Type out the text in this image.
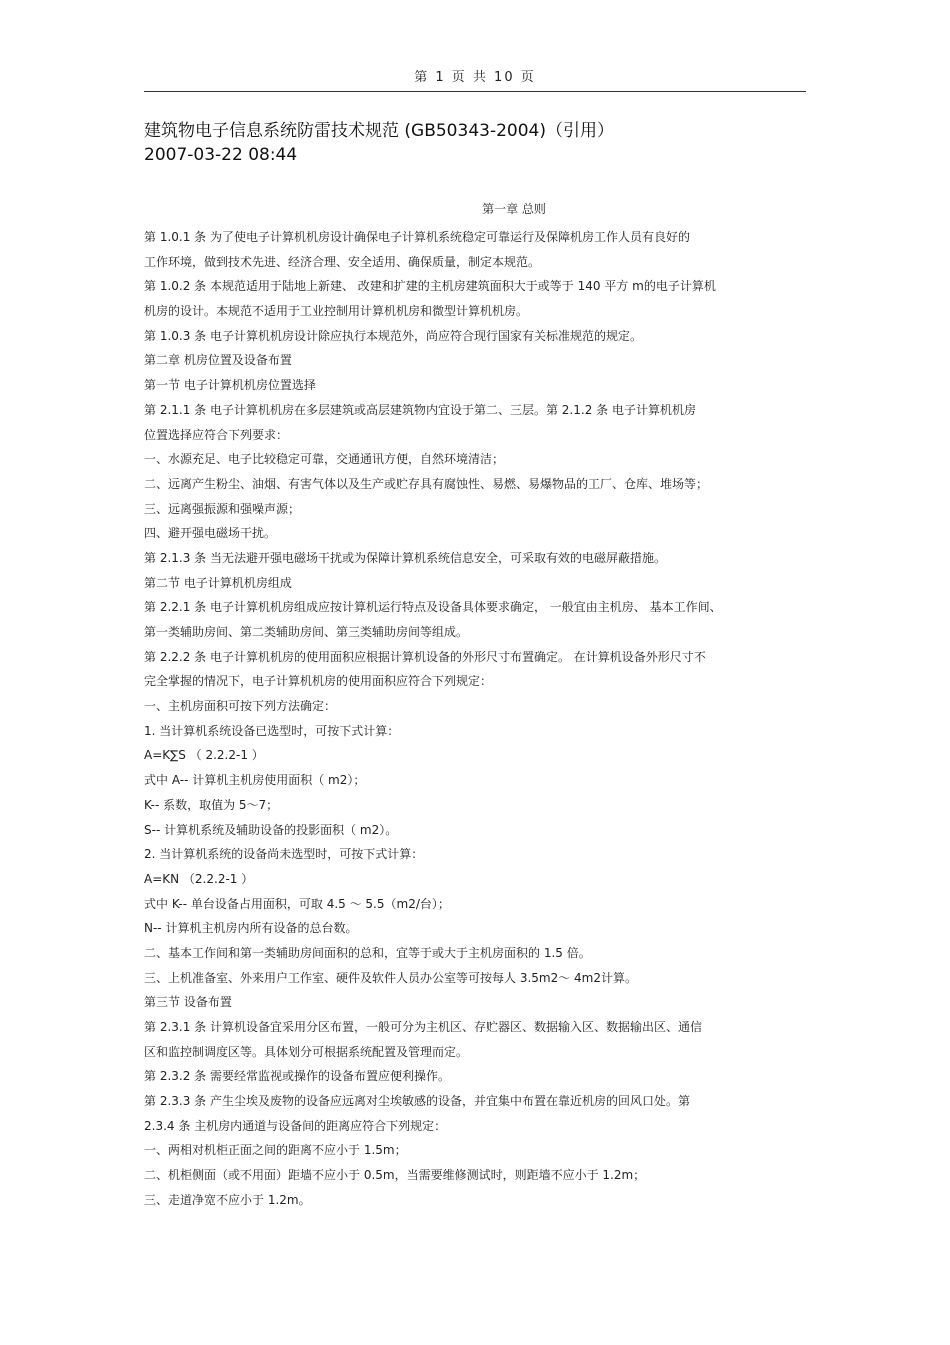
第 1 页 共 10 页
建筑物电子信息系统防雷技术规范 (GB50343-2004)（引用）
2007-03-22 08:44
第一章 总则
第 1.0.1 条 为了使电子计算机机房设计确保电子计算机系统稳定可靠运行及保障机房工作人员有良好的
工作环境，做到技术先进、经济合理、安全适用、确保质量，制定本规范。
第 1.0.2 条 本规范适用于陆地上新建、 改建和扩建的主机房建筑面积大于或等于 140 平方 m的电子计算机
机房的设计。本规范不适用于工业控制用计算机机房和微型计算机机房。
第 1.0.3 条 电子计算机机房设计除应执行本规范外，尚应符合现行国家有关标准规范的规定。
第二章 机房位置及设备布置
第一节 电子计算机机房位置选择
第 2.1.1 条 电子计算机机房在多层建筑或高层建筑物内宜设于第二、三层。第 2.1.2 条 电子计算机机房
位置选择应符合下列要求：
一、水源充足、电子比较稳定可靠，交通通讯方便，自然环境清洁；
二、远离产生粉尘、油烟、有害气体以及生产或贮存具有腐蚀性、易燃、易爆物品的工厂、仓库、堆场等；
三、远离强振源和强噪声源；
四、避开强电磁场干扰。
第 2.1.3 条 当无法避开强电磁场干扰或为保障计算机系统信息安全，可采取有效的电磁屏蔽措施。
第二节 电子计算机机房组成
第 2.2.1 条 电子计算机机房组成应按计算机运行特点及设备具体要求确定， 一般宜由主机房、 基本工作间、
第一类辅助房间、第二类辅助房间、第三类辅助房间等组成。
第 2.2.2 条 电子计算机机房的使用面积应根据计算机设备的外形尺寸布置确定。 在计算机设备外形尺寸不
完全掌握的情况下，电子计算机机房的使用面积应符合下列规定：
一、主机房面积可按下列方法确定：
1. 当计算机系统设备已选型时，可按下式计算：
A=K∑S （ 2.2.2-1 ）
式中 A-- 计算机主机房使用面积（ m2）；
K-- 系数，取值为 5～7；
S-- 计算机系统及辅助设备的投影面积（ m2）。
2. 当计算机系统的设备尚未选型时，可按下式计算：
A=KN （2.2.2-1 ）
式中 K-- 单台设备占用面积，可取 4.5 ～ 5.5（m2/台）；
N-- 计算机主机房内所有设备的总台数。
二、基本工作间和第一类辅助房间面积的总和，宜等于或大于主机房面积的 1.5 倍。
三、上机准备室、外来用户工作室、硬件及软件人员办公室等可按每人 3.5m2～ 4m2计算。
第三节 设备布置
第 2.3.1 条 计算机设备宜采用分区布置，一般可分为主机区、存贮器区、数据输入区、数据输出区、通信
区和监控制调度区等。具体划分可根据系统配置及管理而定。
第 2.3.2 条 需要经常监视或操作的设备布置应便利操作。
第 2.3.3 条 产生尘埃及废物的设备应远离对尘埃敏感的设备，并宜集中布置在靠近机房的回风口处。第
2.3.4 条 主机房内通道与设备间的距离应符合下列规定：
一、两相对机柜正面之间的距离不应小于 1.5m；
二、机柜侧面（或不用面）距墙不应小于 0.5m，当需要维修测试时，则距墙不应小于 1.2m；
三、走道净宽不应小于 1.2m。
